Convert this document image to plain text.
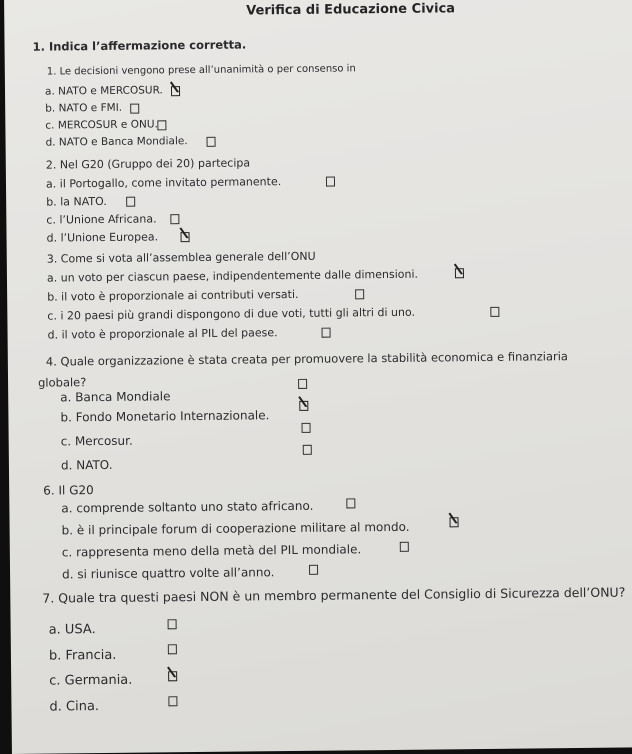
Verifica di Educazione Civica
1. Indica l’affermazione corretta.
1. Le decisioni vengono prese all’unanimità o per consenso in
a. NATO e MERCOSUR.
b. NATO e FMI.
c. MERCOSUR e ONU.
d. NATO e Banca Mondiale.
2. Nel G20 (Gruppo dei 20) partecipa
a. il Portogallo, come invitato permanente.
b. la NATO.
c. l’Unione Africana.
d. l’Unione Europea.
3. Come si vota all’assemblea generale dell’ONU
a. un voto per ciascun paese, indipendentemente dalle dimensioni.
b. il voto è proporzionale ai contributi versati.
c. i 20 paesi più grandi dispongono di due voti, tutti gli altri di uno.
d. il voto è proporzionale al PIL del paese.
4. Quale organizzazione è stata creata per promuovere la stabilità economica e finanziaria
globale?
a. Banca Mondiale
b. Fondo Monetario Internazionale.
c. Mercosur.
d. NATO.
6. Il G20
a. comprende soltanto uno stato africano.
b. è il principale forum di cooperazione militare al mondo.
c. rappresenta meno della metà del PIL mondiale.
d. si riunisce quattro volte all’anno.
7. Quale tra questi paesi NON è un membro permanente del Consiglio di Sicurezza dell’ONU?
a. USA.
b. Francia.
c. Germania.
d. Cina.
